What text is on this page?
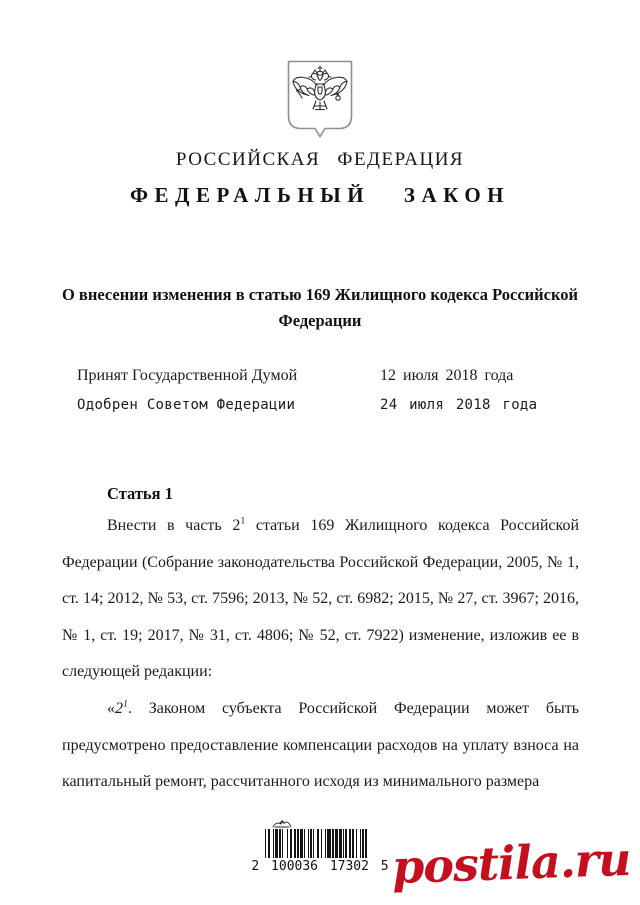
РОССИЙСКАЯ ФЕДЕРАЦИЯ
ФЕДЕРАЛЬНЫЙ ЗАКОН
О внесении изменения в статью 169 Жилищного кодекса Российской Федерации
Принят Государственной Думой	12 июля 2018 года
Одобрен Советом Федерации	24 июля 2018 года
Статья 1

Внести в часть $2^1$ статьи 169 Жилищного кодекса Российской Федерации (Собрание законодательства Российской Федерации, 2005, № 1, ст. 14; 2012, № 53, ст. 7596; 2013, № 52, ст. 6982; 2015, № 27, ст. 3967; 2016, № 1, ст. 19; 2017, № 31, ст. 4806; № 52, ст. 7922) изменение, изложив ее в следующей редакции:

«$2^1$. Законом субъекта Российской Федерации может быть предусмотрено предоставление компенсации расходов на уплату взноса на капитальный ремонт, рассчитанного исходя из минимального размера

2 100036 17302 5 postila.ru
